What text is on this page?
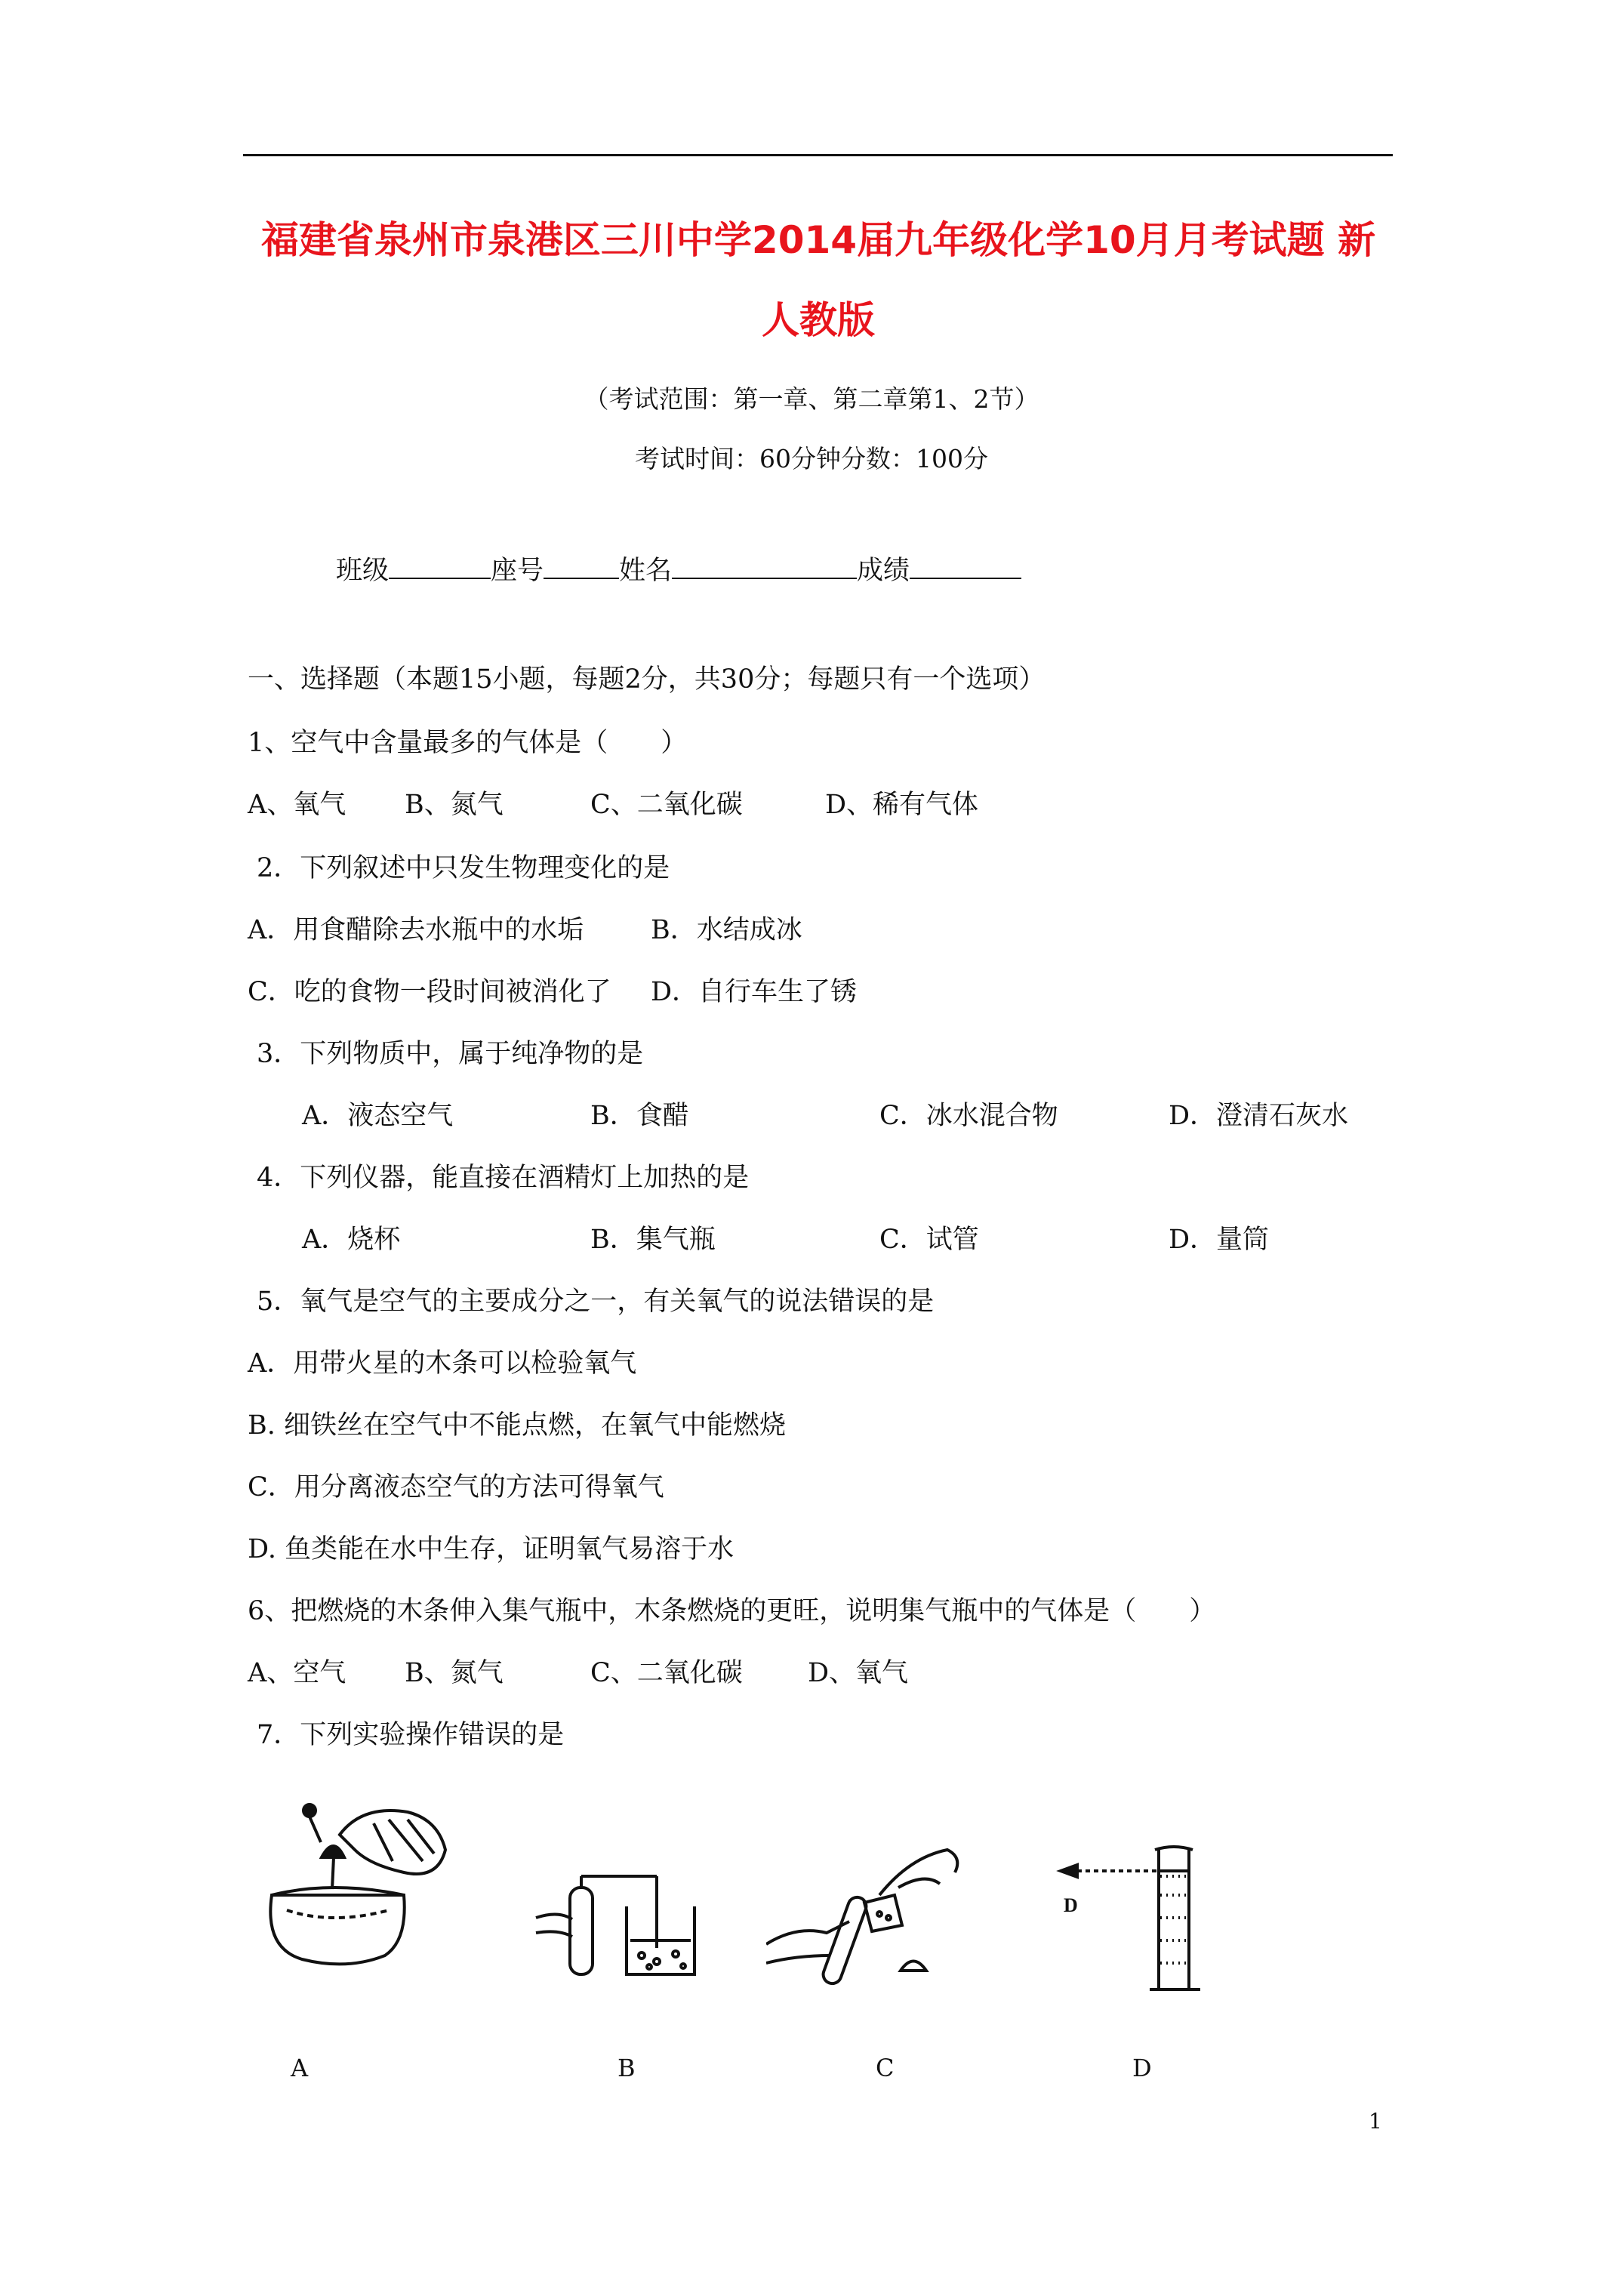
福建省泉州市泉港区三川中学2014届九年级化学10月月考试题 新
人教版
（考试范围：第一章、第二章第1、2节）
考试时间：60分钟分数：100分
班级	座号	姓名	成绩
一、选择题（本题15小题，每题2分，共30分；每题只有一个选项）
1、空气中含量最多的气体是（　　）
A、氧气 B、氮气	C、二氧化碳	D、稀有气体
2．下列叙述中只发生物理变化的是
A．用食醋除去水瓶中的水垢	B．水结成冰
C．吃的食物一段时间被消化了 D．自行车生了锈
3．下列物质中，属于纯净物的是
A．液态空气	B．食醋	C．冰水混合物	D．澄清石灰水
4．下列仪器，能直接在酒精灯上加热的是
A．烧杯	B．集气瓶	C．试管	D．量筒
5．氧气是空气的主要成分之一，有关氧气的说法错误的是
A．用带火星的木条可以检验氧气
B. 细铁丝在空气中不能点燃，在氧气中能燃烧
C．用分离液态空气的方法可得氧气
D. 鱼类能在水中生存，证明氧气易溶于水
6、把燃烧的木条伸入集气瓶中，木条燃烧的更旺，说明集气瓶中的气体是（　　）
A、空气 B、氮气	C、二氧化碳 D、氧气
7．下列实验操作错误的是
D
A	B	C	D
1
